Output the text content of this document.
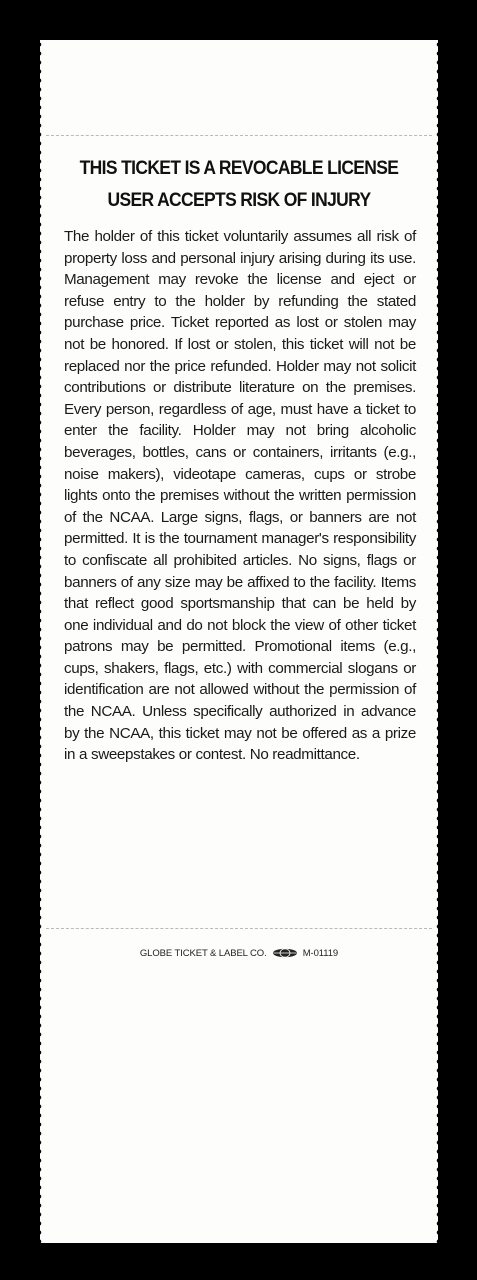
THIS TICKET IS A REVOCABLE LICENSE
USER ACCEPTS RISK OF INJURY

The holder of this ticket voluntarily assumes all risk of property loss and personal injury arising during its use. Management may revoke the license and eject or refuse entry to the holder by refunding the stated purchase price. Ticket reported as lost or stolen may not be honored. If lost or stolen, this ticket will not be replaced nor the price refunded. Holder may not solicit contributions or distribute literature on the premises. Every person, regardless of age, must have a ticket to enter the facility. Holder may not bring alcoholic beverages, bottles, cans or containers, irritants (e.g., noise makers), videotape cameras, cups or strobe lights onto the premises without the written permission of the NCAA. Large signs, flags, or banners are not permitted. It is the tournament manager's responsibility to confiscate all prohibited articles. No signs, flags or banners of any size may be affixed to the facility. Items that reflect good sportsmanship that can be held by one individual and do not block the view of other ticket patrons may be permitted. Promotional items (e.g., cups, shakers, flags, etc.) with commercial slogans or identification are not allowed without the permission of the NCAA. Unless specifically authorized in advance by the NCAA, this ticket may not be offered as a prize in a sweepstakes or contest. No readmittance.

GLOBE TICKET & LABEL CO.	M-01119
